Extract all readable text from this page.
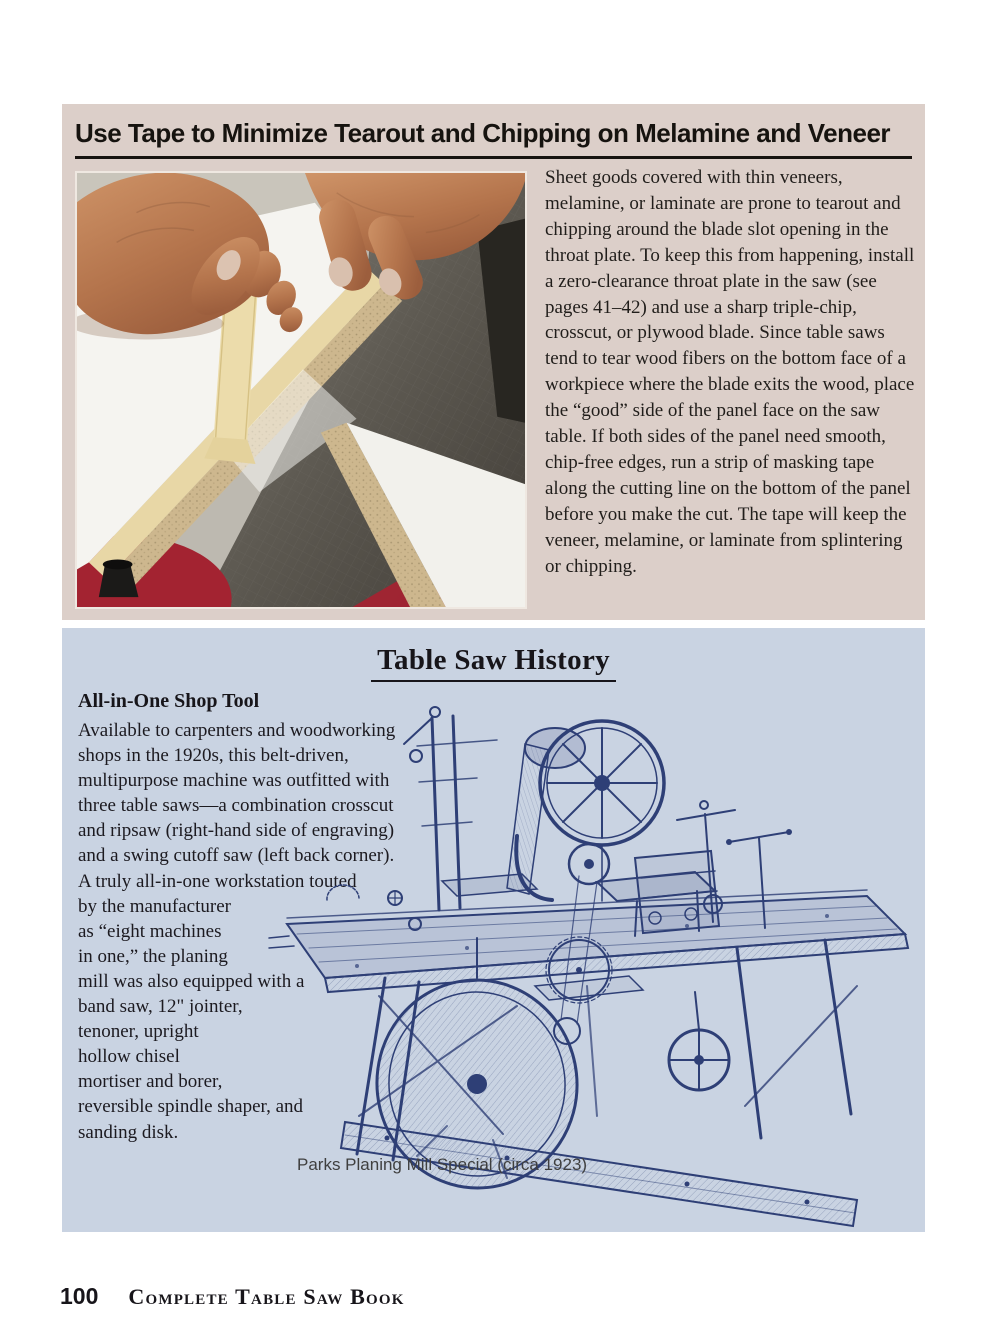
Use Tape to Minimize Tearout and Chipping on Melamine and Veneer

Sheet goods covered with thin veneers, melamine, or laminate are prone to tearout and chipping around the blade slot opening in the throat plate. To keep this from happening, install a zero-clearance throat plate in the saw (see pages 41–42) and use a sharp triple-chip, crosscut, or plywood blade. Since table saws tend to tear wood fibers on the bottom face of a workpiece where the blade exits the wood, place the “good” side of the panel face on the saw table. If both sides of the panel need smooth, chip-free edges, run a strip of masking tape along the cutting line on the bottom of the panel before you make the cut. The tape will keep the veneer, melamine, or laminate from splintering or chipping.

Table Saw History
All-in-One Shop Tool
Available to carpenters and woodworking
shops in the 1920s, this belt-driven,
multipurpose machine was outfitted with
three table saws—a combination crosscut
and ripsaw (right-hand side of engraving)
and a swing cutoff saw (left back corner).
A truly all-in-one workstation touted
by the manufacturer
as “eight machines
in one,” the planing
mill was also equipped with a
band saw, 12" jointer,
tenoner, upright
hollow chisel
mortiser and borer,
reversible spindle shaper, and
sanding disk.
Parks Planing Mill Special (circa 1923)
100 Complete Table Saw Book
